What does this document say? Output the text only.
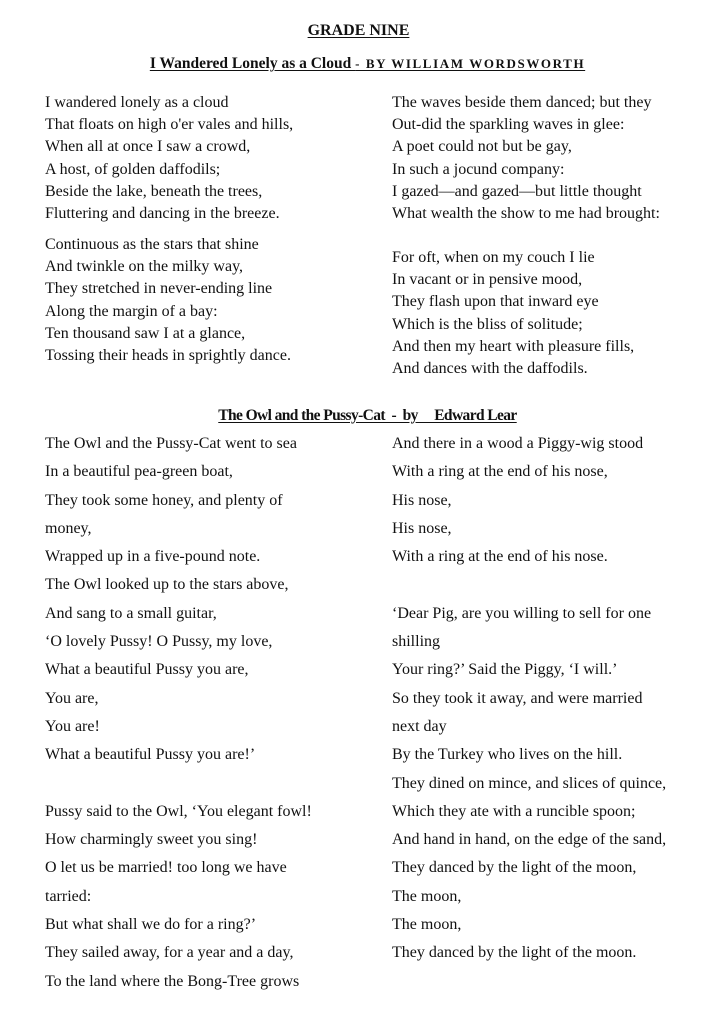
GRADE NINE
I Wandered Lonely as a Cloud - BY WILLIAM WORDSWORTH
I wandered lonely as a cloud
That floats on high o'er vales and hills,
When all at once I saw a crowd,
A host, of golden daffodils;
Beside the lake, beneath the trees,
Fluttering and dancing in the breeze.
Continuous as the stars that shine
And twinkle on the milky way,
They stretched in never-ending line
Along the margin of a bay:
Ten thousand saw I at a glance,
Tossing their heads in sprightly dance.
The waves beside them danced; but they
Out-did the sparkling waves in glee:
A poet could not but be gay,
In such a jocund company:
I gazed—and gazed—but little thought
What wealth the show to me had brought:
For oft, when on my couch I lie
In vacant or in pensive mood,
They flash upon that inward eye
Which is the bliss of solitude;
And then my heart with pleasure fills,
And dances with the daffodils.
The Owl and the Pussy-Cat  -  by     Edward Lear
The Owl and the Pussy-Cat went to sea
In a beautiful pea-green boat,
They took some honey, and plenty of
money,
Wrapped up in a five-pound note.
The Owl looked up to the stars above,
And sang to a small guitar,
‘O lovely Pussy! O Pussy, my love,
What a beautiful Pussy you are,
You are,
You are!
What a beautiful Pussy you are!’

Pussy said to the Owl, ‘You elegant fowl!
How charmingly sweet you sing!
O let us be married! too long we have
tarried:
But what shall we do for a ring?’
They sailed away, for a year and a day,
To the land where the Bong-Tree grows
And there in a wood a Piggy-wig stood
With a ring at the end of his nose,
His nose,
His nose,
With a ring at the end of his nose.

‘Dear Pig, are you willing to sell for one
shilling
Your ring?’ Said the Piggy, ‘I will.’
So they took it away, and were married
next day
By the Turkey who lives on the hill.
They dined on mince, and slices of quince,
Which they ate with a runcible spoon;
And hand in hand, on the edge of the sand,
They danced by the light of the moon,
The moon,
The moon,
They danced by the light of the moon.
